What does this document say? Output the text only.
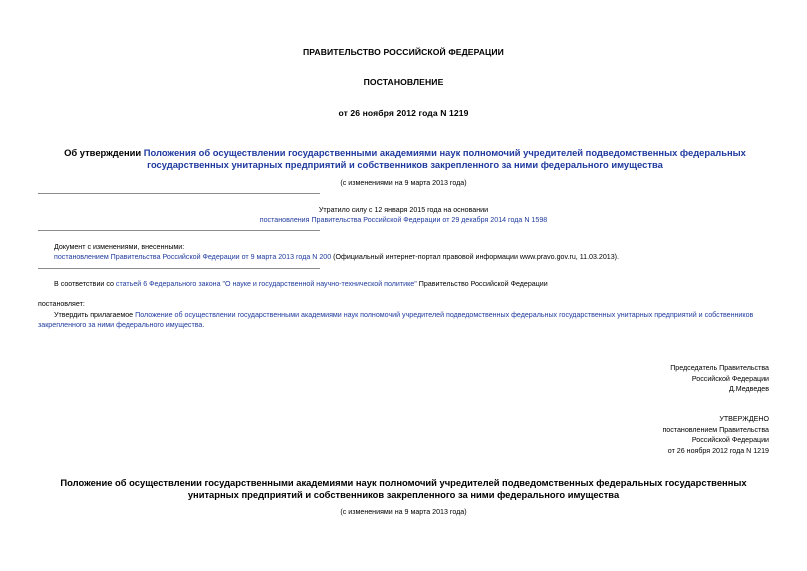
ПРАВИТЕЛЬСТВО РОССИЙСКОЙ ФЕДЕРАЦИИ
ПОСТАНОВЛЕНИЕ
от 26 ноября 2012 года N 1219
Об утверждении Положения об осуществлении государственными академиями наук полномочий учредителей подведомственных федеральных государственных унитарных предприятий и собственников закрепленного за ними федерального имущества
(с изменениями на 9 марта 2013 года)
Утратило силу с 12 января 2015 года на основании
постановления Правительства Российской Федерации от 29 декабря 2014 года N 1598
Документ с изменениями, внесенными:
постановлением Правительства Российской Федерации от 9 марта 2013 года N 200 (Официальный интернет-портал правовой информации www.pravo.gov.ru, 11.03.2013).
В соответствии со статьей 6 Федерального закона "О науке и государственной научно-технической политике" Правительство Российской Федерации
постановляет:
Утвердить прилагаемое Положение об осуществлении государственными академиями наук полномочий учредителей подведомственных федеральных государственных унитарных предприятий и собственников закрепленного за ними федерального имущества.
Председатель Правительства
Российской Федерации
Д.Медведев
УТВЕРЖДЕНО
постановлением Правительства
Российской Федерации
от 26 ноября 2012 года N 1219
Положение об осуществлении государственными академиями наук полномочий учредителей подведомственных федеральных государственных унитарных предприятий и собственников закрепленного за ними федерального имущества
(с изменениями на 9 марта 2013 года)
